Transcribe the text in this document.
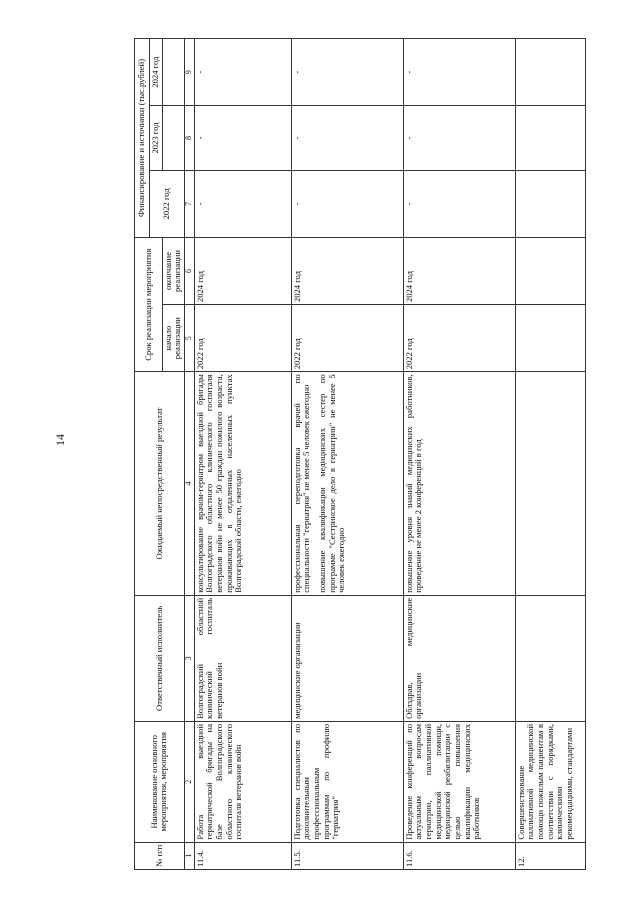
14
№ п/п	Наименование основного мероприятия, мероприятия	Ответственный исполнитель	Ожидаемый непосредственный результат	Срок реализации мероприятия		Финансирование и источники (тыс.рублей)		
						2022 год	2023 год	2024 год
				начало реализации	окончание реализации			
1	2	3	4	5	6	7	8	9
11.4.	Работа выездной гериатрической бригады на базе Волгоградского областного клинического госпиталя ветеранов войн	Волгоградский областной клинический госпиталь ветеранов войн	консультирование врачом-гериатром выездной бригады Волгоградского областного клинического госпиталя ветеранов войн не менее 50 граждан пожилого возраста, проживающих в отдаленных населенных пунктах Волгоградской области, ежегодно	2022 год	2024 год	-	-	-
11.5.	Подготовка специалистов по дополнительным профессиональным программам по профилю "гериатрия"	медицинские организации	профессиональная переподготовка врачей по специальности "гериатрия" не менее 5 человек ежегодно повышение квалификации медицинских сестер по программе "Сестринское дело в гериатрии" не менее 5 человек ежегодно	2022 год	2024 год	-	-	-
11.6.	Проведение конференций по актуальным вопросам гериатрии, паллиативной медицинской помощи, медицинской реабилитации с целью повышения квалификации медицинских работников	Облздрав, медицинские организации	повышение уровня знаний медицинских работников, проведение не менее 2 конференций в год	2022 год	2024 год	-	-	-
12.	Совершенствование паллиативной медицинской помощи пожилым пациентам в соответствии с порядками, клиническими рекомендациями, стандартами		
